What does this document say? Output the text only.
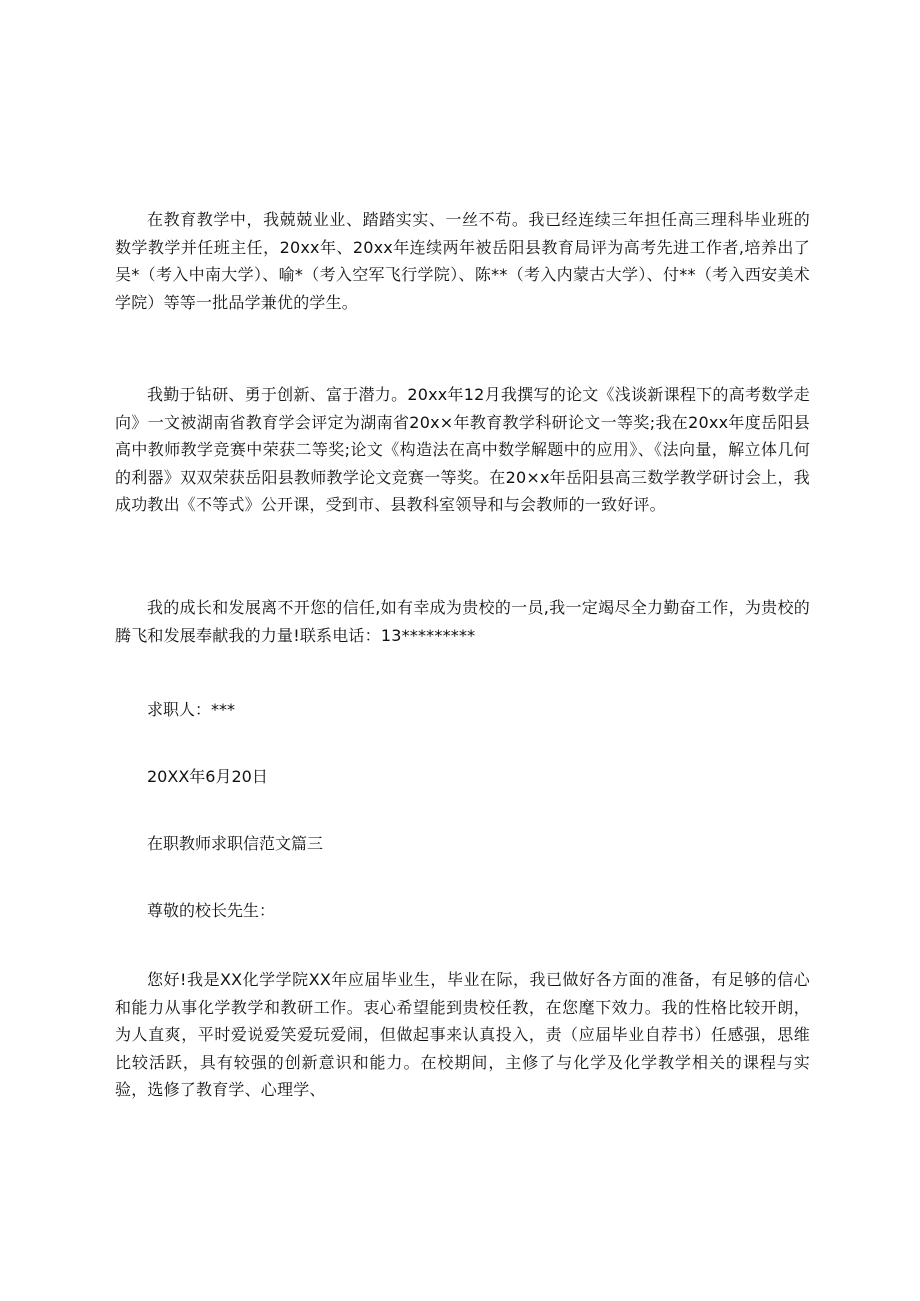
在教育教学中，我兢兢业业、踏踏实实、一丝不苟。我已经连续三年担任高三理科毕业班的数学教学并任班主任，20xx年、20xx年连续两年被岳阳县教育局评为高考先进工作者,培养出了吴*（考入中南大学）、喻*（考入空军飞行学院）、陈**（考入内蒙古大学）、付**（考入西安美术学院）等等一批品学兼优的学生。

我勤于钻研、勇于创新、富于潜力。20xx年12月我撰写的论文《浅谈新课程下的高考数学走向》一文被湖南省教育学会评定为湖南省20x×年教育教学科研论文一等奖;我在20xx年度岳阳县高中教师教学竞赛中荣获二等奖;论文《构造法在高中数学解题中的应用》、《法向量，解立体几何的利器》双双荣获岳阳县教师教学论文竞赛一等奖。在20×x年岳阳县高三数学教学研讨会上，我成功教出《不等式》公开课，受到市、县教科室领导和与会教师的一致好评。

我的成长和发展离不开您的信任,如有幸成为贵校的一员,我一定竭尽全力勤奋工作，为贵校的腾飞和发展奉献我的力量!联系电话：13*********

求职人：***

20XX年6月20日

在职教师求职信范文篇三

尊敬的校长先生：

您好!我是XX化学学院XX年应届毕业生，毕业在际，我已做好各方面的准备，有足够的信心和能力从事化学教学和教研工作。衷心希望能到贵校任教，在您麾下效力。我的性格比较开朗，为人直爽，平时爱说爱笑爱玩爱闹，但做起事来认真投入，责（应届毕业自荐书）任感强，思维比较活跃，具有较强的创新意识和能力。在校期间，主修了与化学及化学教学相关的课程与实验，选修了教育学、心理学、
